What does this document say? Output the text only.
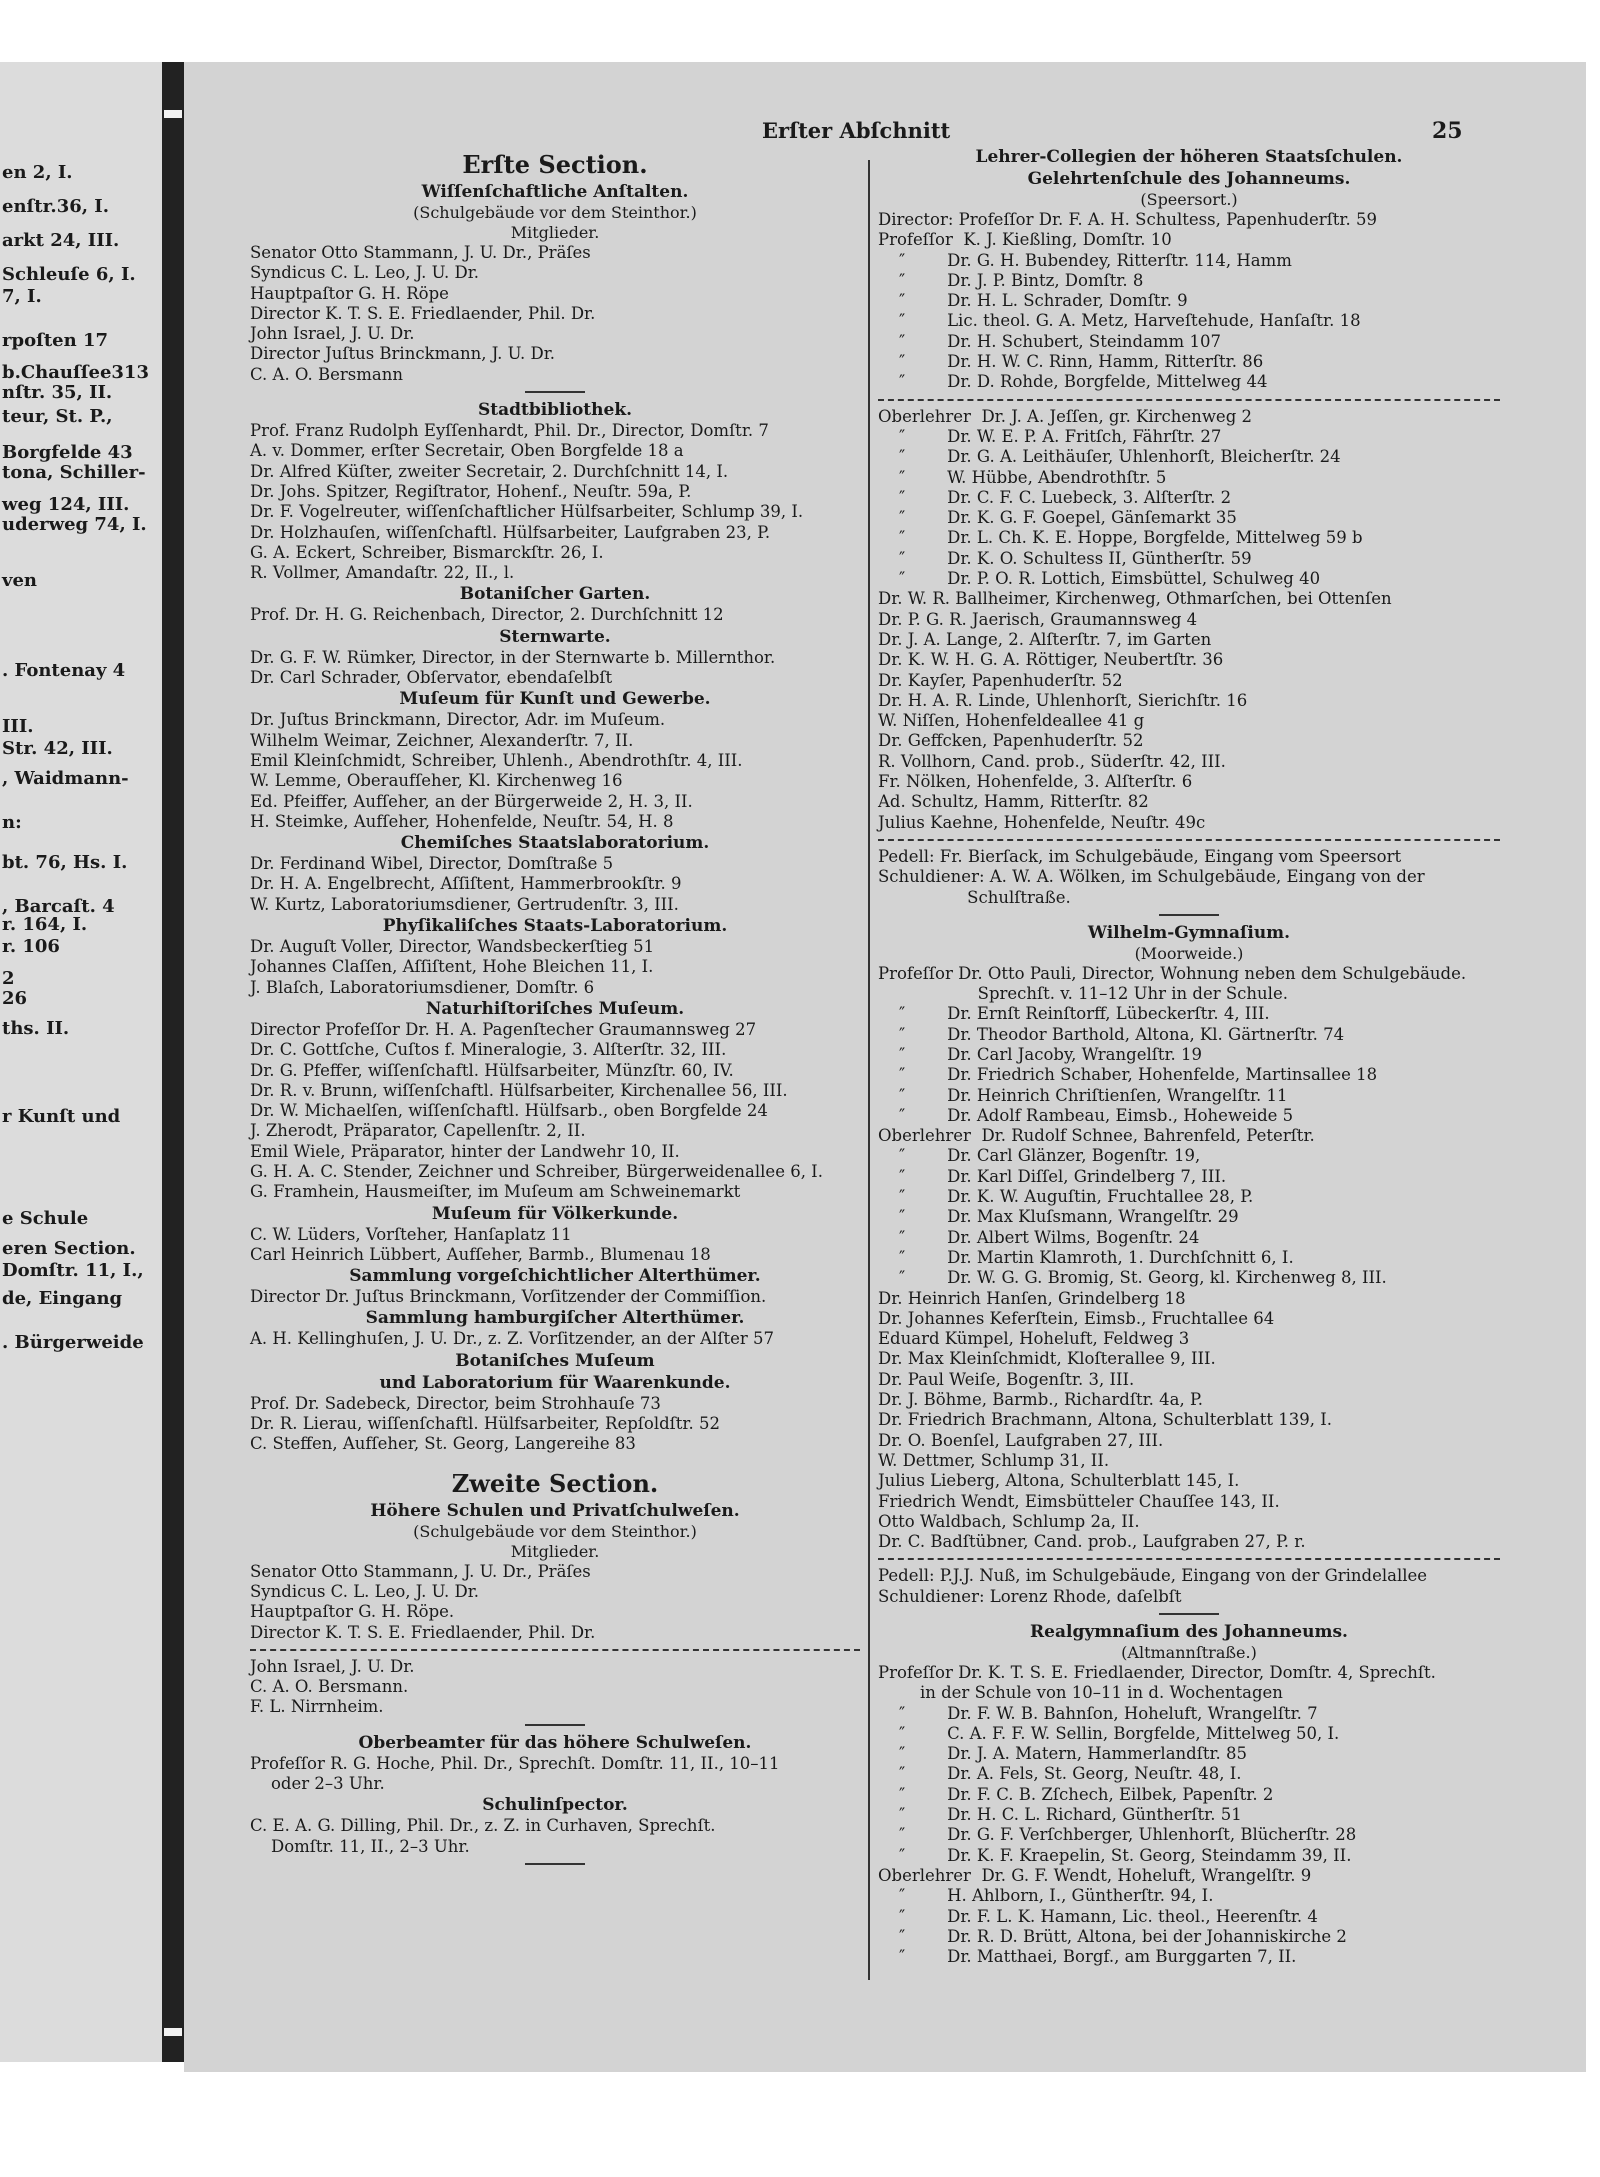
en 2, I.
enſtr.36, I.
arkt 24, III.
Schleuſe 6, I.
7, I.
rpoſten 17
b.Chauſſee313
nſtr. 35, II.
teur, St. P.,
Borgfelde 43
tona, Schiller-
weg 124, III.
uderweg 74, I.
ven
. Fontenay 4
III.
Str. 42, III.
, Waidmann-
n:
bt. 76, Hs. I.
, Barcaſt. 4
r. 164, I.
r. 106
2
26
ths. II.
r Kunſt und
e Schule
eren Section.
Domſtr. 11, I.,
de, Eingang
. Bürgerweide
Erſter Abſchnitt	25
Erſte Section.
Wiſſenſchaftliche Anſtalten.
(Schulgebäude vor dem Steinthor.)
Mitglieder.
Senator Otto Stammann, J. U. Dr., Präſes
Syndicus C. L. Leo, J. U. Dr.
Hauptpaſtor G. H. Röpe
Director K. T. S. E. Friedlaender, Phil. Dr.
John Israel, J. U. Dr.
Director Juſtus Brinckmann, J. U. Dr.
C. A. O. Bersmann
Stadtbibliothek.
Prof. Franz Rudolph Eyſſenhardt, Phil. Dr., Director, Domſtr. 7
A. v. Dommer, erſter Secretair, Oben Borgfelde 18 a
Dr. Alfred Küſter, zweiter Secretair, 2. Durchſchnitt 14, I.
Dr. Johs. Spitzer, Regiſtrator, Hohenf., Neuſtr. 59a, P.
Dr. F. Vogelreuter, wiſſenſchaftlicher Hülfsarbeiter, Schlump 39, I.
Dr. Holzhauſen, wiſſenſchaftl. Hülfsarbeiter, Laufgraben 23, P.
G. A. Eckert, Schreiber, Bismarckſtr. 26, I.
R. Vollmer, Amandaſtr. 22, II., l.
Botaniſcher Garten.
Prof. Dr. H. G. Reichenbach, Director, 2. Durchſchnitt 12
Sternwarte.
Dr. G. F. W. Rümker, Director, in der Sternwarte b. Millernthor.
Dr. Carl Schrader, Obſervator, ebendaſelbſt
Muſeum für Kunſt und Gewerbe.
Dr. Juſtus Brinckmann, Director, Adr. im Muſeum.
Wilhelm Weimar, Zeichner, Alexanderſtr. 7, II.
Emil Kleinſchmidt, Schreiber, Uhlenh., Abendrothſtr. 4, III.
W. Lemme, Oberaufſeher, Kl. Kirchenweg 16
Ed. Pfeiffer, Aufſeher, an der Bürgerweide 2, H. 3, II.
H. Steimke, Aufſeher, Hohenfelde, Neuſtr. 54, H. 8
Chemiſches Staatslaboratorium.
Dr. Ferdinand Wibel, Director, Domſtraße 5
Dr. H. A. Engelbrecht, Aſſiſtent, Hammerbrookſtr. 9
W. Kurtz, Laboratoriumsdiener, Gertrudenſtr. 3, III.
Phyſikaliſches Staats-Laboratorium.
Dr. Auguſt Voller, Director, Wandsbeckerſtieg 51
Johannes Claſſen, Aſſiſtent, Hohe Bleichen 11, I.
J. Blaſch, Laboratoriumsdiener, Domſtr. 6
Naturhiſtoriſches Muſeum.
Director Profeſſor Dr. H. A. Pagenſtecher Graumannsweg 27
Dr. C. Gottſche, Cuſtos f. Mineralogie, 3. Alſterſtr. 32, III.
Dr. G. Pfeffer, wiſſenſchaftl. Hülfsarbeiter, Münzſtr. 60, IV.
Dr. R. v. Brunn, wiſſenſchaftl. Hülfsarbeiter, Kirchenallee 56, III.
Dr. W. Michaelſen, wiſſenſchaftl. Hülfsarb., oben Borgfelde 24
J. Zherodt, Präparator, Capellenſtr. 2, II.
Emil Wiele, Präparator, hinter der Landwehr 10, II.
G. H. A. C. Stender, Zeichner und Schreiber, Bürgerweidenallee 6, I.
G. Framhein, Hausmeiſter, im Muſeum am Schweinemarkt
Muſeum für Völkerkunde.
C. W. Lüders, Vorſteher, Hanſaplatz 11
Carl Heinrich Lübbert, Aufſeher, Barmb., Blumenau 18
Sammlung vorgeſchichtlicher Alterthümer.
Director Dr. Juſtus Brinckmann, Vorſitzender der Commiſſion.
Sammlung hamburgiſcher Alterthümer.
A. H. Kellinghuſen, J. U. Dr., z. Z. Vorſitzender, an der Alſter 57
Botaniſches Muſeum
und Laboratorium für Waarenkunde.
Prof. Dr. Sadebeck, Director, beim Strohhauſe 73
Dr. R. Lierau, wiſſenſchaftl. Hülfsarbeiter, Repſoldſtr. 52
C. Steffen, Aufſeher, St. Georg, Langereihe 83
Zweite Section.
Höhere Schulen und Privatſchulweſen.
(Schulgebäude vor dem Steinthor.)
Mitglieder.
Senator Otto Stammann, J. U. Dr., Präſes
Syndicus C. L. Leo, J. U. Dr.
Hauptpaſtor G. H. Röpe.
Director K. T. S. E. Friedlaender, Phil. Dr.
John Israel, J. U. Dr.
C. A. O. Bersmann.
F. L. Nirrnheim.
Oberbeamter für das höhere Schulweſen.
Profeſſor R. G. Hoche, Phil. Dr., Sprechſt. Domſtr. 11, II., 10–11
oder 2–3 Uhr.
Schulinſpector.
C. E. A. G. Dilling, Phil. Dr., z. Z. in Curhaven, Sprechſt.
Domſtr. 11, II., 2–3 Uhr.
Lehrer-Collegien der höheren Staatsſchulen.
Gelehrtenſchule des Johanneums.
(Speersort.)
Director: Profeſſor Dr. F. A. H. Schultess, Papenhuderſtr. 59
Profeſſor  K. J. Kießling, Domſtr. 10
″        Dr. G. H. Bubendey, Ritterſtr. 114, Hamm
″        Dr. J. P. Bintz, Domſtr. 8
″        Dr. H. L. Schrader, Domſtr. 9
″        Lic. theol. G. A. Metz, Harveſtehude, Hanſaſtr. 18
″        Dr. H. Schubert, Steindamm 107
″        Dr. H. W. C. Rinn, Hamm, Ritterſtr. 86
″        Dr. D. Rohde, Borgfelde, Mittelweg 44
Oberlehrer  Dr. J. A. Jeſſen, gr. Kirchenweg 2
″        Dr. W. E. P. A. Fritſch, Fährſtr. 27
″        Dr. G. A. Leithäuſer, Uhlenhorſt, Bleicherſtr. 24
″        W. Hübbe, Abendrothſtr. 5
″        Dr. C. F. C. Luebeck, 3. Alſterſtr. 2
″        Dr. K. G. F. Goepel, Gänſemarkt 35
″        Dr. L. Ch. K. E. Hoppe, Borgfelde, Mittelweg 59 b
″        Dr. K. O. Schultess II, Güntherſtr. 59
″        Dr. P. O. R. Lottich, Eimsbüttel, Schulweg 40
Dr. W. R. Ballheimer, Kirchenweg, Othmarſchen, bei Ottenſen
Dr. P. G. R. Jaerisch, Graumannsweg 4
Dr. J. A. Lange, 2. Alſterſtr. 7, im Garten
Dr. K. W. H. G. A. Röttiger, Neubertſtr. 36
Dr. Kayſer, Papenhuderſtr. 52
Dr. H. A. R. Linde, Uhlenhorſt, Sierichſtr. 16
W. Niſſen, Hohenfeldeallee 41 g
Dr. Geffcken, Papenhuderſtr. 52
R. Vollhorn, Cand. prob., Süderſtr. 42, III.
Fr. Nölken, Hohenfelde, 3. Alſterſtr. 6
Ad. Schultz, Hamm, Ritterſtr. 82
Julius Kaehne, Hohenfelde, Neuſtr. 49c
Pedell: Fr. Bierſack, im Schulgebäude, Eingang vom Speersort
Schuldiener: A. W. A. Wölken, im Schulgebäude, Eingang von der
Schulſtraße.
Wilhelm-Gymnaſium.
(Moorweide.)
Profeſſor Dr. Otto Pauli, Director, Wohnung neben dem Schulgebäude.
Sprechſt. v. 11–12 Uhr in der Schule.
″        Dr. Ernſt Reinſtorff, Lübeckerſtr. 4, III.
″        Dr. Theodor Barthold, Altona, Kl. Gärtnerſtr. 74
″        Dr. Carl Jacoby, Wrangelſtr. 19
″        Dr. Friedrich Schaber, Hohenfelde, Martinsallee 18
″        Dr. Heinrich Chriſtienſen, Wrangelſtr. 11
″        Dr. Adolf Rambeau, Eimsb., Hoheweide 5
Oberlehrer  Dr. Rudolf Schnee, Bahrenfeld, Peterſtr.
″        Dr. Carl Glänzer, Bogenſtr. 19,
″        Dr. Karl Diſſel, Grindelberg 7, III.
″        Dr. K. W. Auguſtin, Fruchtallee 28, P.
″        Dr. Max Kluſsmann, Wrangelſtr. 29
″        Dr. Albert Wilms, Bogenſtr. 24
″        Dr. Martin Klamroth, 1. Durchſchnitt 6, I.
″        Dr. W. G. G. Bromig, St. Georg, kl. Kirchenweg 8, III.
Dr. Heinrich Hanſen, Grindelberg 18
Dr. Johannes Keferſtein, Eimsb., Fruchtallee 64
Eduard Kümpel, Hoheluft, Feldweg 3
Dr. Max Kleinſchmidt, Kloſterallee 9, III.
Dr. Paul Weiſe, Bogenſtr. 3, III.
Dr. J. Böhme, Barmb., Richardſtr. 4a, P.
Dr. Friedrich Brachmann, Altona, Schulterblatt 139, I.
Dr. O. Boenſel, Laufgraben 27, III.
W. Dettmer, Schlump 31, II.
Julius Lieberg, Altona, Schulterblatt 145, I.
Friedrich Wendt, Eimsbütteler Chauſſee 143, II.
Otto Waldbach, Schlump 2a, II.
Dr. C. Badſtübner, Cand. prob., Laufgraben 27, P. r.
Pedell: P.J.J. Nuß, im Schulgebäude, Eingang von der Grindelallee
Schuldiener: Lorenz Rhode, daſelbſt
Realgymnaſium des Johanneums.
(Altmannſtraße.)
Profeſſor Dr. K. T. S. E. Friedlaender, Director, Domſtr. 4, Sprechſt.
in der Schule von 10–11 in d. Wochentagen
″        Dr. F. W. B. Bahnſon, Hoheluft, Wrangelſtr. 7
″        C. A. F. F. W. Sellin, Borgfelde, Mittelweg 50, I.
″        Dr. J. A. Matern, Hammerlandſtr. 85
″        Dr. A. Fels, St. Georg, Neuſtr. 48, I.
″        Dr. F. C. B. Zſchech, Eilbek, Papenſtr. 2
″        Dr. H. C. L. Richard, Güntherſtr. 51
″        Dr. G. F. Verſchberger, Uhlenhorſt, Blücherſtr. 28
″        Dr. K. F. Kraepelin, St. Georg, Steindamm 39, II.
Oberlehrer  Dr. G. F. Wendt, Hoheluft, Wrangelſtr. 9
″        H. Ahlborn, I., Güntherſtr. 94, I.
″        Dr. F. L. K. Hamann, Lic. theol., Heerenſtr. 4
″        Dr. R. D. Brütt, Altona, bei der Johanniskirche 2
″        Dr. Matthaei, Borgf., am Burggarten 7, II.
